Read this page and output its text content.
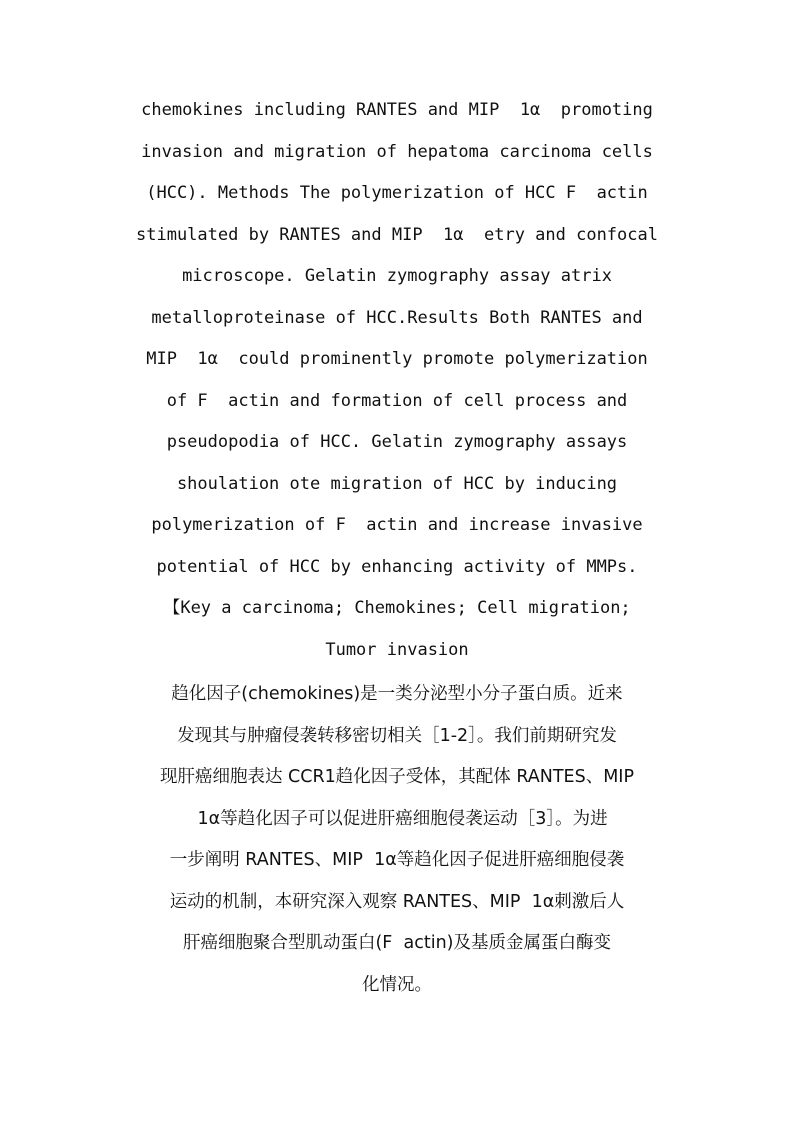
chemokines including RANTES and MIP  1α  promoting
invasion and migration of hepatoma carcinoma cells
(HCC). Methods The polymerization of HCC F  actin
stimulated by RANTES and MIP  1α  etry and confocal
microscope. Gelatin zymography assay atrix
metalloproteinase of HCC.Results Both RANTES and
MIP  1α  could prominently promote polymerization
of F  actin and formation of cell process and
pseudopodia of HCC. Gelatin zymography assays
shoulation ote migration of HCC by inducing
polymerization of F  actin and increase invasive
potential of HCC by enhancing activity of MMPs.
【Key a carcinoma; Chemokines; Cell migration;
Tumor invasion
趋化因子(chemokines)是一类分泌型小分子蛋白质。近来
发现其与肿瘤侵袭转移密切相关［1-2］。我们前期研究发
现肝癌细胞表达 CCR1趋化因子受体，其配体 RANTES、MIP
1α等趋化因子可以促进肝癌细胞侵袭运动［3］。为进
一步阐明 RANTES、MIP  1α等趋化因子促进肝癌细胞侵袭
运动的机制，本研究深入观察 RANTES、MIP  1α刺激后人
肝癌细胞聚合型肌动蛋白(F  actin)及基质金属蛋白酶变
化情况。
